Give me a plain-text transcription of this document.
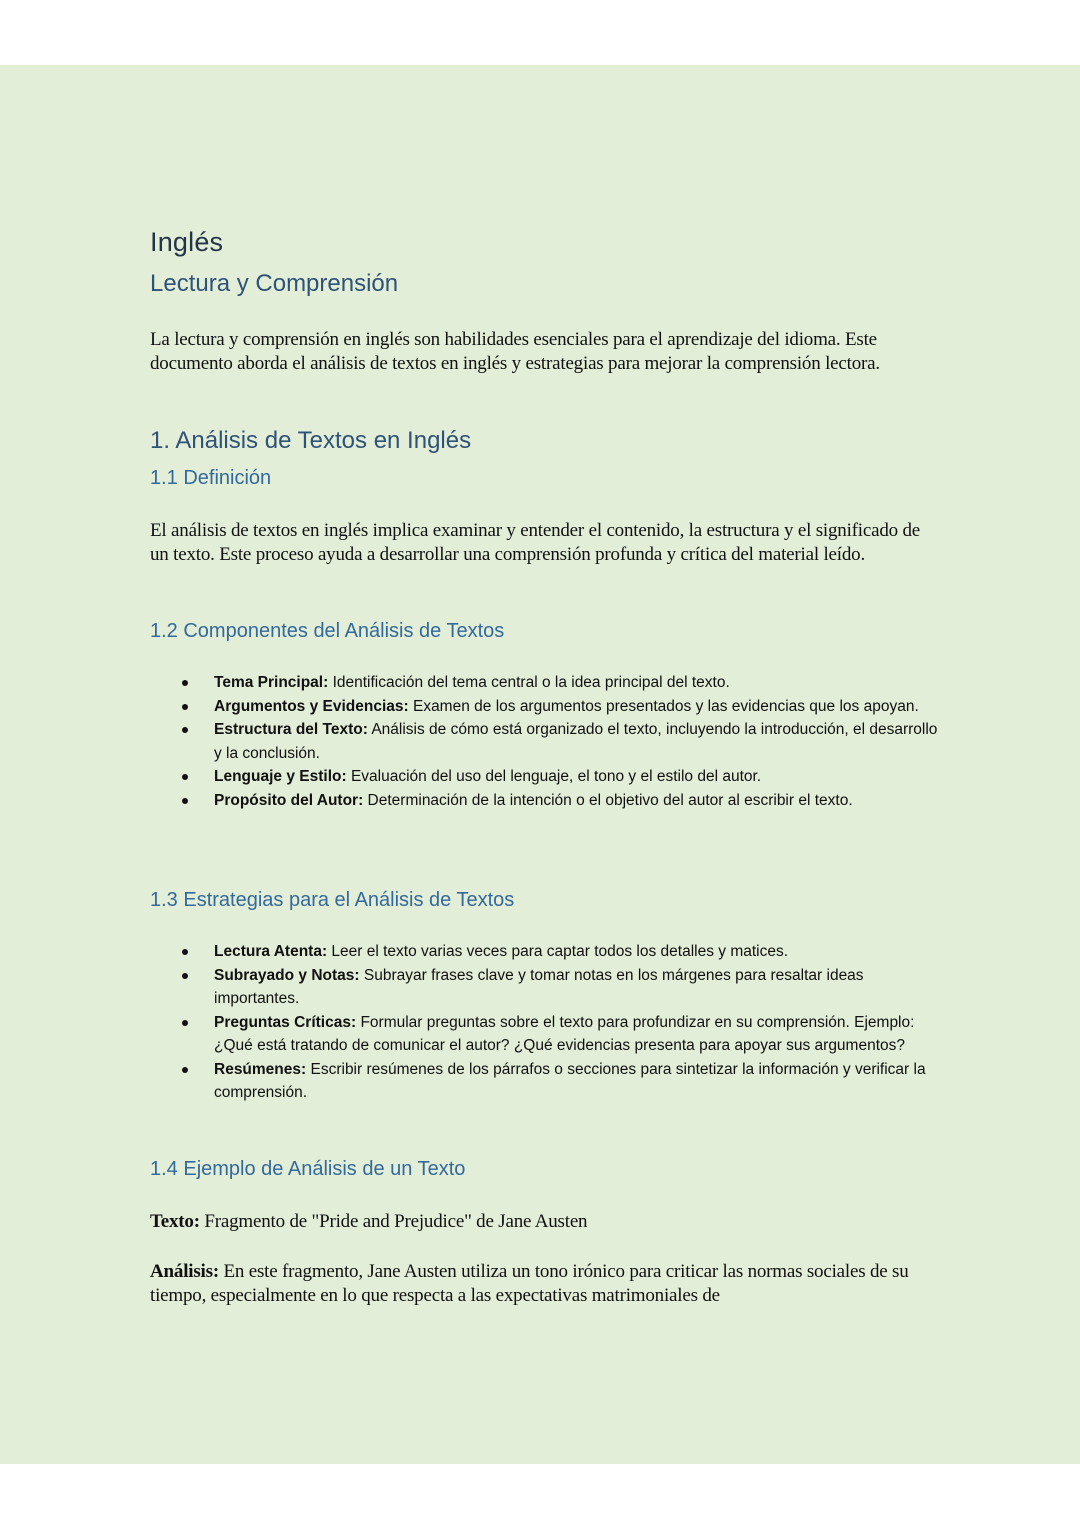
Inglés
Lectura y Comprensión

La lectura y comprensión en inglés son habilidades esenciales para el aprendizaje del idioma. Este documento aborda el análisis de textos en inglés y estrategias para mejorar la comprensión lectora.

1. Análisis de Textos en Inglés
1.1 Definición

El análisis de textos en inglés implica examinar y entender el contenido, la estructura y el significado de un texto. Este proceso ayuda a desarrollar una comprensión profunda y crítica del material leído.

1.2 Componentes del Análisis de Textos
Tema Principal: Identificación del tema central o la idea principal del texto.
Argumentos y Evidencias: Examen de los argumentos presentados y las evidencias que los apoyan.
Estructura del Texto: Análisis de cómo está organizado el texto, incluyendo la introducción, el desarrollo y la conclusión.
Lenguaje y Estilo: Evaluación del uso del lenguaje, el tono y el estilo del autor.
Propósito del Autor: Determinación de la intención o el objetivo del autor al escribir el texto.
1.3 Estrategias para el Análisis de Textos
Lectura Atenta: Leer el texto varias veces para captar todos los detalles y matices.
Subrayado y Notas: Subrayar frases clave y tomar notas en los márgenes para resaltar ideas importantes.
Preguntas Críticas: Formular preguntas sobre el texto para profundizar en su comprensión. Ejemplo: ¿Qué está tratando de comunicar el autor? ¿Qué evidencias presenta para apoyar sus argumentos?
Resúmenes: Escribir resúmenes de los párrafos o secciones para sintetizar la información y verificar la comprensión.
1.4 Ejemplo de Análisis de un Texto

Texto: Fragmento de "Pride and Prejudice" de Jane Austen

Análisis: En este fragmento, Jane Austen utiliza un tono irónico para criticar las normas sociales de su tiempo, especialmente en lo que respecta a las expectativas matrimoniales de
